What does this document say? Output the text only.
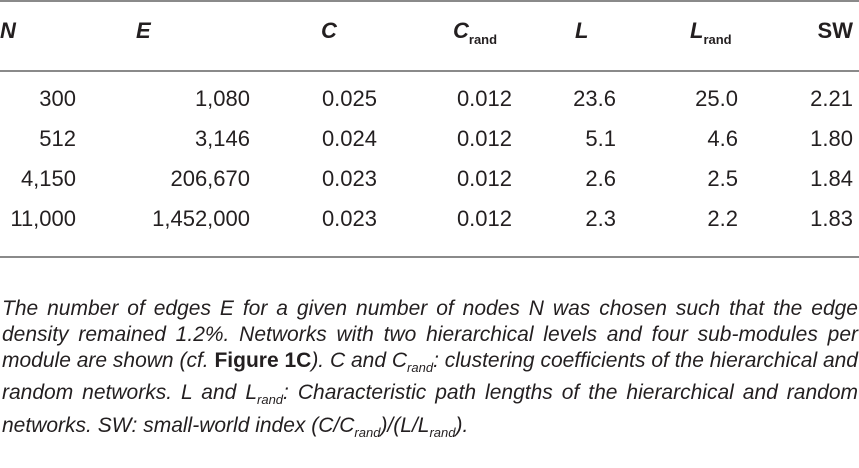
N	E	C	$C_{rand}$	L	$L_{rand}$	SW
300	1,080	0.025	0.012	23.6	25.0	2.21
512	3,146	0.024	0.012	5.1	4.6	1.80
4,150	206,670	0.023	0.012	2.6	2.5	1.84
11,000	1,452,000	0.023	0.012	2.3	2.2	1.83

The number of edges E for a given number of nodes N was chosen such that the edge density remained 1.2%. Networks with two hierarchical levels and four sub-modules per module are shown (cf. Figure 1C). C and $C_{rand}$: clustering coefficients of the hierarchical and random networks. L and $L_{rand}$: Characteristic path lengths of the hierarchical and random networks. SW: small-world index $(C/C_{rand})/(L/L_{rand})$.
